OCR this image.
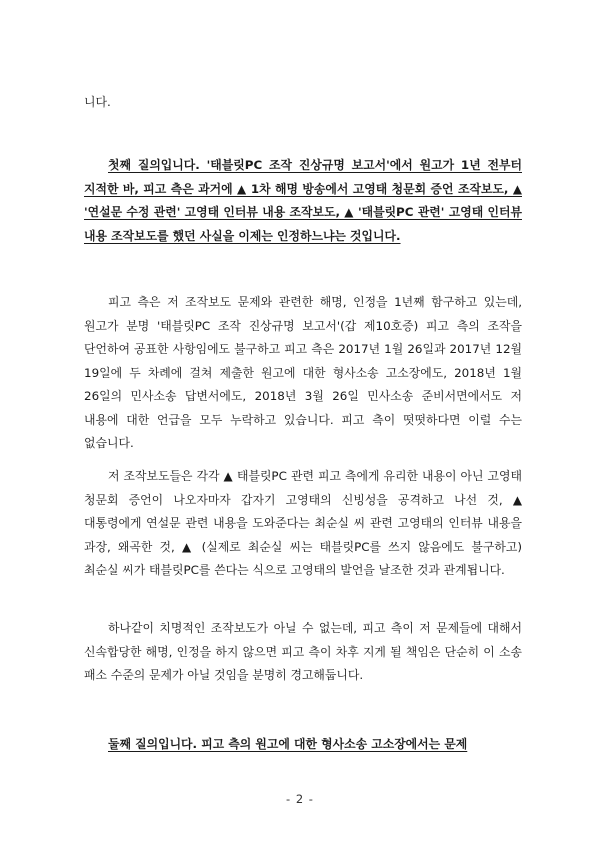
니다.

첫째 질의입니다. '태블릿PC 조작 진상규명 보고서'에서 원고가 1년 전부터 지적한 바, 피고 측은 과거에 ▲ 1차 해명 방송에서 고영태 청문회 증언 조작보도, ▲ '연설문 수정 관련' 고영태 인터뷰 내용 조작보도, ▲ '태블릿PC 관련' 고영태 인터뷰 내용 조작보도를 했던 사실을 이제는 인정하느냐는 것입니다.

피고 측은 저 조작보도 문제와 관련한 해명, 인정을 1년째 함구하고 있는데, 원고가 분명 '태블릿PC 조작 진상규명 보고서'(갑 제10호증) 피고 측의 조작을 단언하여 공표한 사항임에도 불구하고 피고 측은 2017년 1월 26일과 2017년 12월 19일에 두 차례에 걸쳐 제출한 원고에 대한 형사소송 고소장에도, 2018년 1월 26일의 민사소송 답변서에도, 2018년 3월 26일 민사소송 준비서면에서도 저 내용에 대한 언급을 모두 누락하고 있습니다. 피고 측이 떳떳하다면 이럴 수는 없습니다.

저 조작보도들은 각각 ▲ 태블릿PC 관련 피고 측에게 유리한 내용이 아닌 고영태 청문회 증언이 나오자마자 갑자기 고영태의 신빙성을 공격하고 나선 것, ▲ 대통령에게 연설문 관련 내용을 도와준다는 최순실 씨 관련 고영태의 인터뷰 내용을 과장, 왜곡한 것, ▲ (실제로 최순실 씨는 태블릿PC를 쓰지 않음에도 불구하고) 최순실 씨가 태블릿PC를 쓴다는 식으로 고영태의 발언을 날조한 것과 관계됩니다.

하나같이 치명적인 조작보도가 아닐 수 없는데, 피고 측이 저 문제들에 대해서 신속합당한 해명, 인정을 하지 않으면 피고 측이 차후 지게 될 책임은 단순히 이 소송 패소 수준의 문제가 아닐 것임을 분명히 경고해둡니다.

둘째 질의입니다. 피고 측의 원고에 대한 형사소송 고소장에서는 문제

- 2 -
